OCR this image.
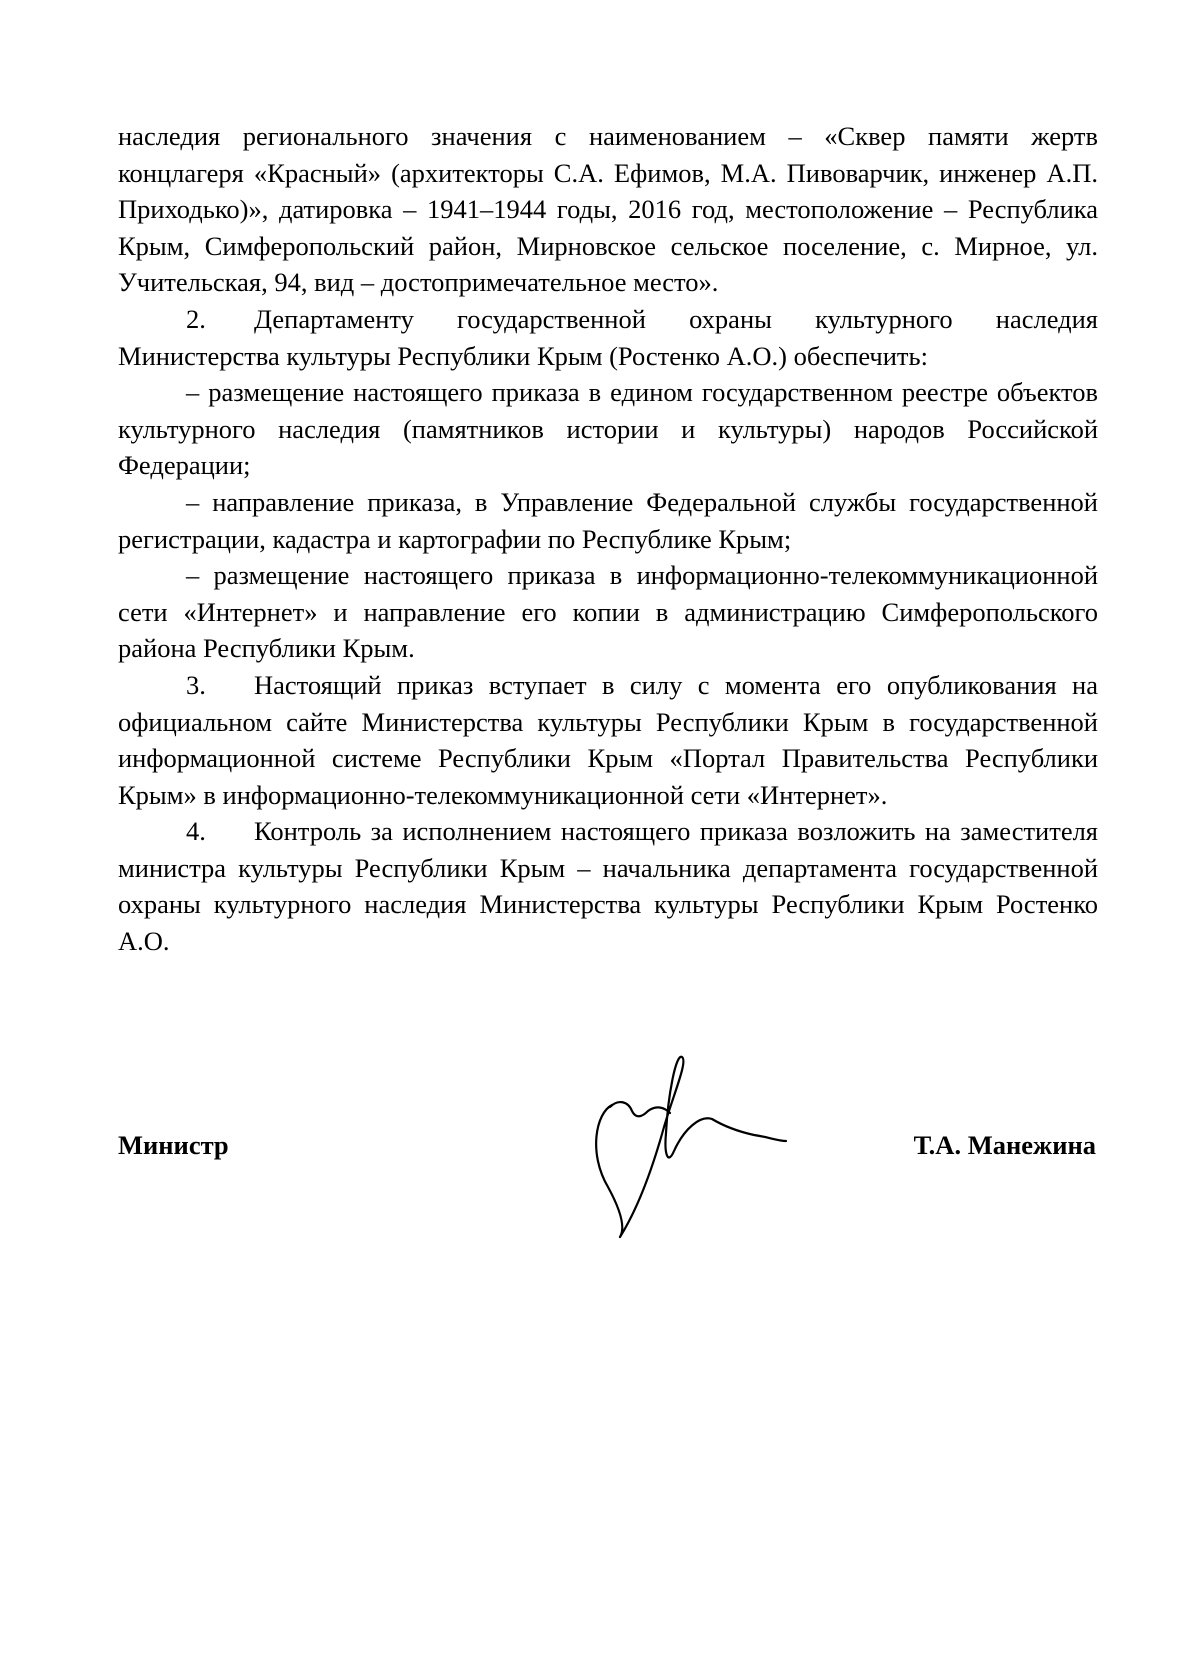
наследия регионального значения с наименованием – «Сквер памяти жертв концлагеря «Красный» (архитекторы С.А. Ефимов, М.А. Пивоварчик, инженер А.П. Приходько)», датировка – 1941–1944 годы, 2016 год, местоположение – Республика Крым, Симферопольский район, Мирновское сельское поселение, с. Мирное, ул. Учительская, 94, вид – достопримечательное место».

2. Департаменту государственной охраны культурного наследия Министерства культуры Республики Крым (Ростенко А.О.) обеспечить:

– размещение настоящего приказа в едином государственном реестре объектов культурного наследия (памятников истории и культуры) народов Российской Федерации;

– направление приказа, в Управление Федеральной службы государственной регистрации, кадастра и картографии по Республике Крым;

– размещение настоящего приказа в информационно-телекоммуникационной сети «Интернет» и направление его копии в администрацию Симферопольского района Республики Крым.

3. Настоящий приказ вступает в силу с момента его опубликования на официальном сайте Министерства культуры Республики Крым в государственной информационной системе Республики Крым «Портал Правительства Республики Крым» в информационно-телекоммуникационной сети «Интернет».

4. Контроль за исполнением настоящего приказа возложить на заместителя министра культуры Республики Крым – начальника департамента государственной охраны культурного наследия Министерства культуры Республики Крым Ростенко А.О.

Министр	Т.А. Манежина
